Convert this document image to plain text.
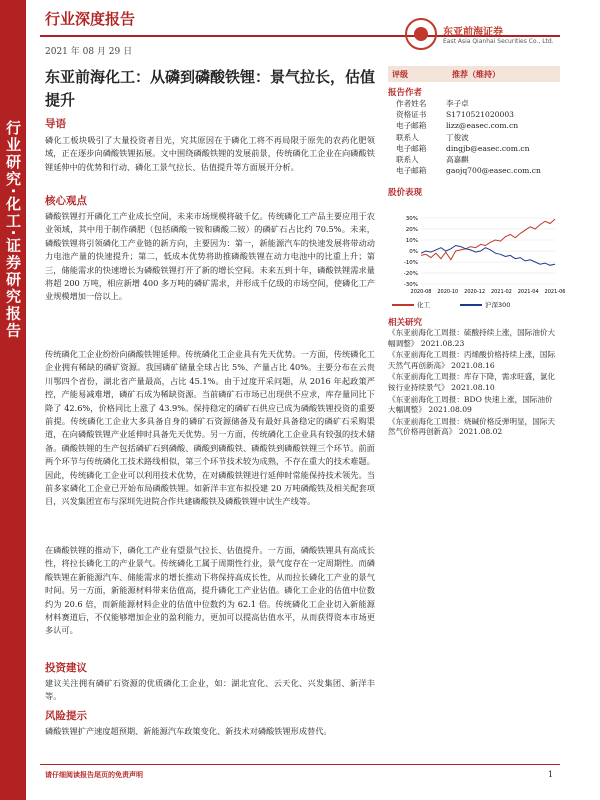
行业研究·化工·证券研究报告
行业深度报告
2021 年 08 月 29 日
东亚前海证券
East Asia Qianhai Securities Co., Ltd.
东亚前海化工：从磷到磷酸铁锂：景气拉长，估值提升
导语
磷化工板块吸引了大量投资者目光，究其原因在于磷化工将不再局限于原先的农药化肥领域，正在逐步向磷酸铁锂拓展。文中围绕磷酸铁锂的发展前景，传统磷化工企业在向磷酸铁锂延伸中的优势和行动、磷化工景气拉长、估值提升等方面展开分析。
核心观点
磷酸铁锂打开磷化工产业成长空间，未来市场规模将破千亿。传统磷化工产品主要应用于农业领域，其中用于制作磷肥（包括磷酸一铵和磷酸二铵）的磷矿石占比约 70.5%。未来，磷酸铁锂将引领磷化工产业链的新方向，主要因为：第一，新能源汽车的快速发展将带动动力电池产量的快速提升；第二，低成本优势将助推磷酸铁锂在动力电池中的比重上升；第三，储能需求的快速增长为磷酸铁锂打开了新的增长空间。未来五到十年，磷酸铁锂需求量将超 200 万吨，相应新增 400 多万吨的磷矿需求，并形成千亿级的市场空间，使磷化工产业规模增加一倍以上。
传统磷化工企业纷纷向磷酸铁锂延伸。传统磷化工企业具有先天优势。一方面，传统磷化工企业拥有稀缺的磷矿资源。我国磷矿储量全球占比 5%、产量占比 40%。主要分布在云贵川鄂四个省份，湖北省产量最高，占比 45.1%。由于过度开采问题，从 2016 年起政策严控，产能易减难增，磷矿石成为稀缺资源。当前磷矿石市场已出现供不应求，库存量同比下降了 42.6%，价格同比上涨了 43.9%。保持稳定的磷矿石供应已成为磷酸铁锂投资的重要前提。传统磷化工企业大多具备自身的磷矿石资源储备及有最好具备稳定的磷矿石采购渠道，在向磷酸铁锂产业延伸时具备先天优势。另一方面，传统磷化工企业具有较强的技术储备。磷酸铁锂的生产包括磷矿石到磷酸、磷酸到磷酸铁、磷酸铁到磷酸铁锂三个环节。前面两个环节与传统磷化工技术路线相似，第三个环节技术较为成熟，不存在重大的技术难题。因此，传统磷化工企业可以利用技术优势，在对磷酸铁锂进行延伸时常能保持技术领先。当前多家磷化工企业已开始布局磷酸铁锂。如新洋丰宣布拟投建 20 万吨磷酸铁及相关配套项目，兴发集团宣布与深圳先进院合作共建磷酸铁及磷酸铁锂中试生产线等。
在磷酸铁锂的推动下，磷化工产业有望景气拉长、估值提升。一方面，磷酸铁锂具有高成长性，将拉长磷化工的产业景气。传统磷化工属于周期性行业，景气度存在一定周期性。而磷酸铁锂在新能源汽车、储能需求的增长推动下将保持高成长性，从而拉长磷化工产业的景气时间。另一方面，新能源材料带来估值高，提升磷化工产业估值。磷化工企业的估值中位数约为 20.6 倍，而新能源材料企业的估值中位数约为 62.1 倍。传统磷化工企业切入新能源材料赛道后，不仅能够增加企业的盈利能力，更加可以提高估值水平，从而获得资本市场更多认可。
投资建议
建议关注拥有磷矿石资源的优质磷化工企业，如：湖北宜化、云天化、兴发集团、新洋丰等。
风险提示
磷酸铁锂扩产速度超预期、新能源汽车政策变化、新技术对磷酸铁锂形成替代。
评级	推荐（维持）
报告作者
作者姓名	李子卓
资格证书	S1710521020003
电子邮箱	lizz@easec.com.cn
联系人	丁俊波
电子邮箱	dingjb@easec.com.cn
联系人	高嘉麒
电子邮箱	gaojq700@easec.com.cn
股价表现
30%
20%
10%
0%
-10%
-20%
-30%
2020-08 2020-10 2020-12 2021-02 2021-04 2021-06
化工	沪深300
相关研究
《东亚前海化工周报：硫酸持续上涨，国际油价大幅调整》 2021.08.23
《东亚前海化工周报：丙烯酸价格持续上涨，国际天然气再创新高》 2021.08.16
《东亚前海化工周报：库存下降，需求旺盛，氯化铵行业持续景气》 2021.08.10
《东亚前海化工周报：BDO 快速上涨，国际油价大幅调整》 2021.08.09
《东亚前海化工周报：烧碱价格反弹明显，国际天然气价格再创新高》 2021.08.02
请仔细阅读报告尾页的免责声明	1
